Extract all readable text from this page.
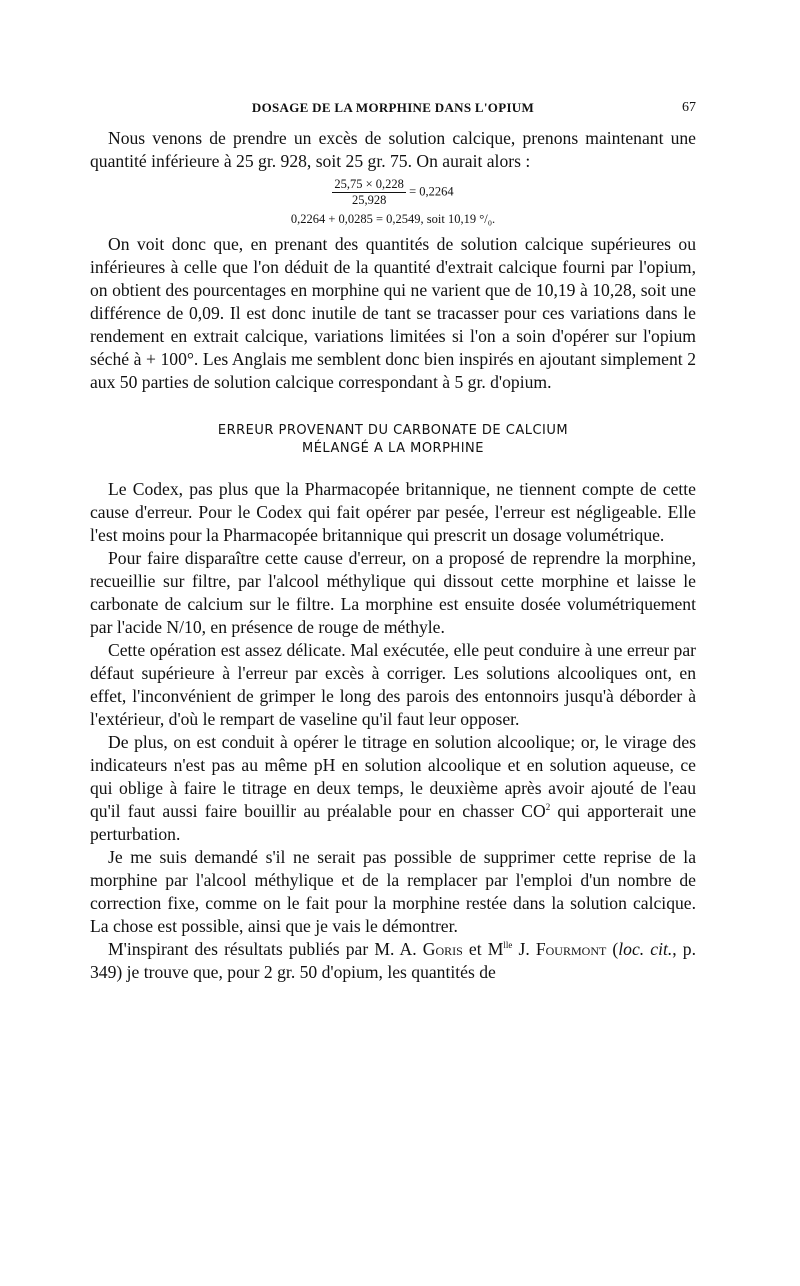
DOSAGE DE LA MORPHINE DANS L'OPIUM	67

Nous venons de prendre un excès de solution calcique, prenons maintenant une quantité inférieure à 25 gr. 928, soit 25 gr. 75. On aurait alors :

$\frac{25,75 \times 0,228}{25,928} = 0,2264$
0,2264 + 0,0285 = 0,2549, soit 10,19 °/₀.

On voit donc que, en prenant des quantités de solution calcique supérieures ou inférieures à celle que l'on déduit de la quantité d'extrait calcique fourni par l'opium, on obtient des pourcentages en morphine qui ne varient que de 10,19 à 10,28, soit une différence de 0,09. Il est donc inutile de tant se tracasser pour ces variations dans le rendement en extrait calcique, variations limitées si l'on a soin d'opérer sur l'opium séché à + 100°. Les Anglais me semblent donc bien inspirés en ajoutant simplement 2 aux 50 parties de solution calcique correspondant à 5 gr. d'opium.

ERREUR PROVENANT DU CARBONATE DE CALCIUM
MÉLANGÉ A LA MORPHINE

Le Codex, pas plus que la Pharmacopée britannique, ne tiennent compte de cette cause d'erreur. Pour le Codex qui fait opérer par pesée, l'erreur est négligeable. Elle l'est moins pour la Pharmacopée britannique qui prescrit un dosage volumétrique.

Pour faire disparaître cette cause d'erreur, on a proposé de reprendre la morphine, recueillie sur filtre, par l'alcool méthylique qui dissout cette morphine et laisse le carbonate de calcium sur le filtre. La morphine est ensuite dosée volumétriquement par l'acide N/10, en présence de rouge de méthyle.

Cette opération est assez délicate. Mal exécutée, elle peut conduire à une erreur par défaut supérieure à l'erreur par excès à corriger. Les solutions alcooliques ont, en effet, l'inconvénient de grimper le long des parois des entonnoirs jusqu'à déborder à l'extérieur, d'où le rempart de vaseline qu'il faut leur opposer.

De plus, on est conduit à opérer le titrage en solution alcoolique; or, le virage des indicateurs n'est pas au même pH en solution alcoolique et en solution aqueuse, ce qui oblige à faire le titrage en deux temps, le deuxième après avoir ajouté de l'eau qu'il faut aussi faire bouillir au préalable pour en chasser $CO^2$ qui apporterait une perturbation.

Je me suis demandé s'il ne serait pas possible de supprimer cette reprise de la morphine par l'alcool méthylique et de la remplacer par l'emploi d'un nombre de correction fixe, comme on le fait pour la morphine restée dans la solution calcique. La chose est possible, ainsi que je vais le démontrer.

M'inspirant des résultats publiés par M. A. Goris et $M^{lle}$ J. Fourmont (loc. cit., p. 349) je trouve que, pour 2 gr. 50 d'opium, les quantités de
